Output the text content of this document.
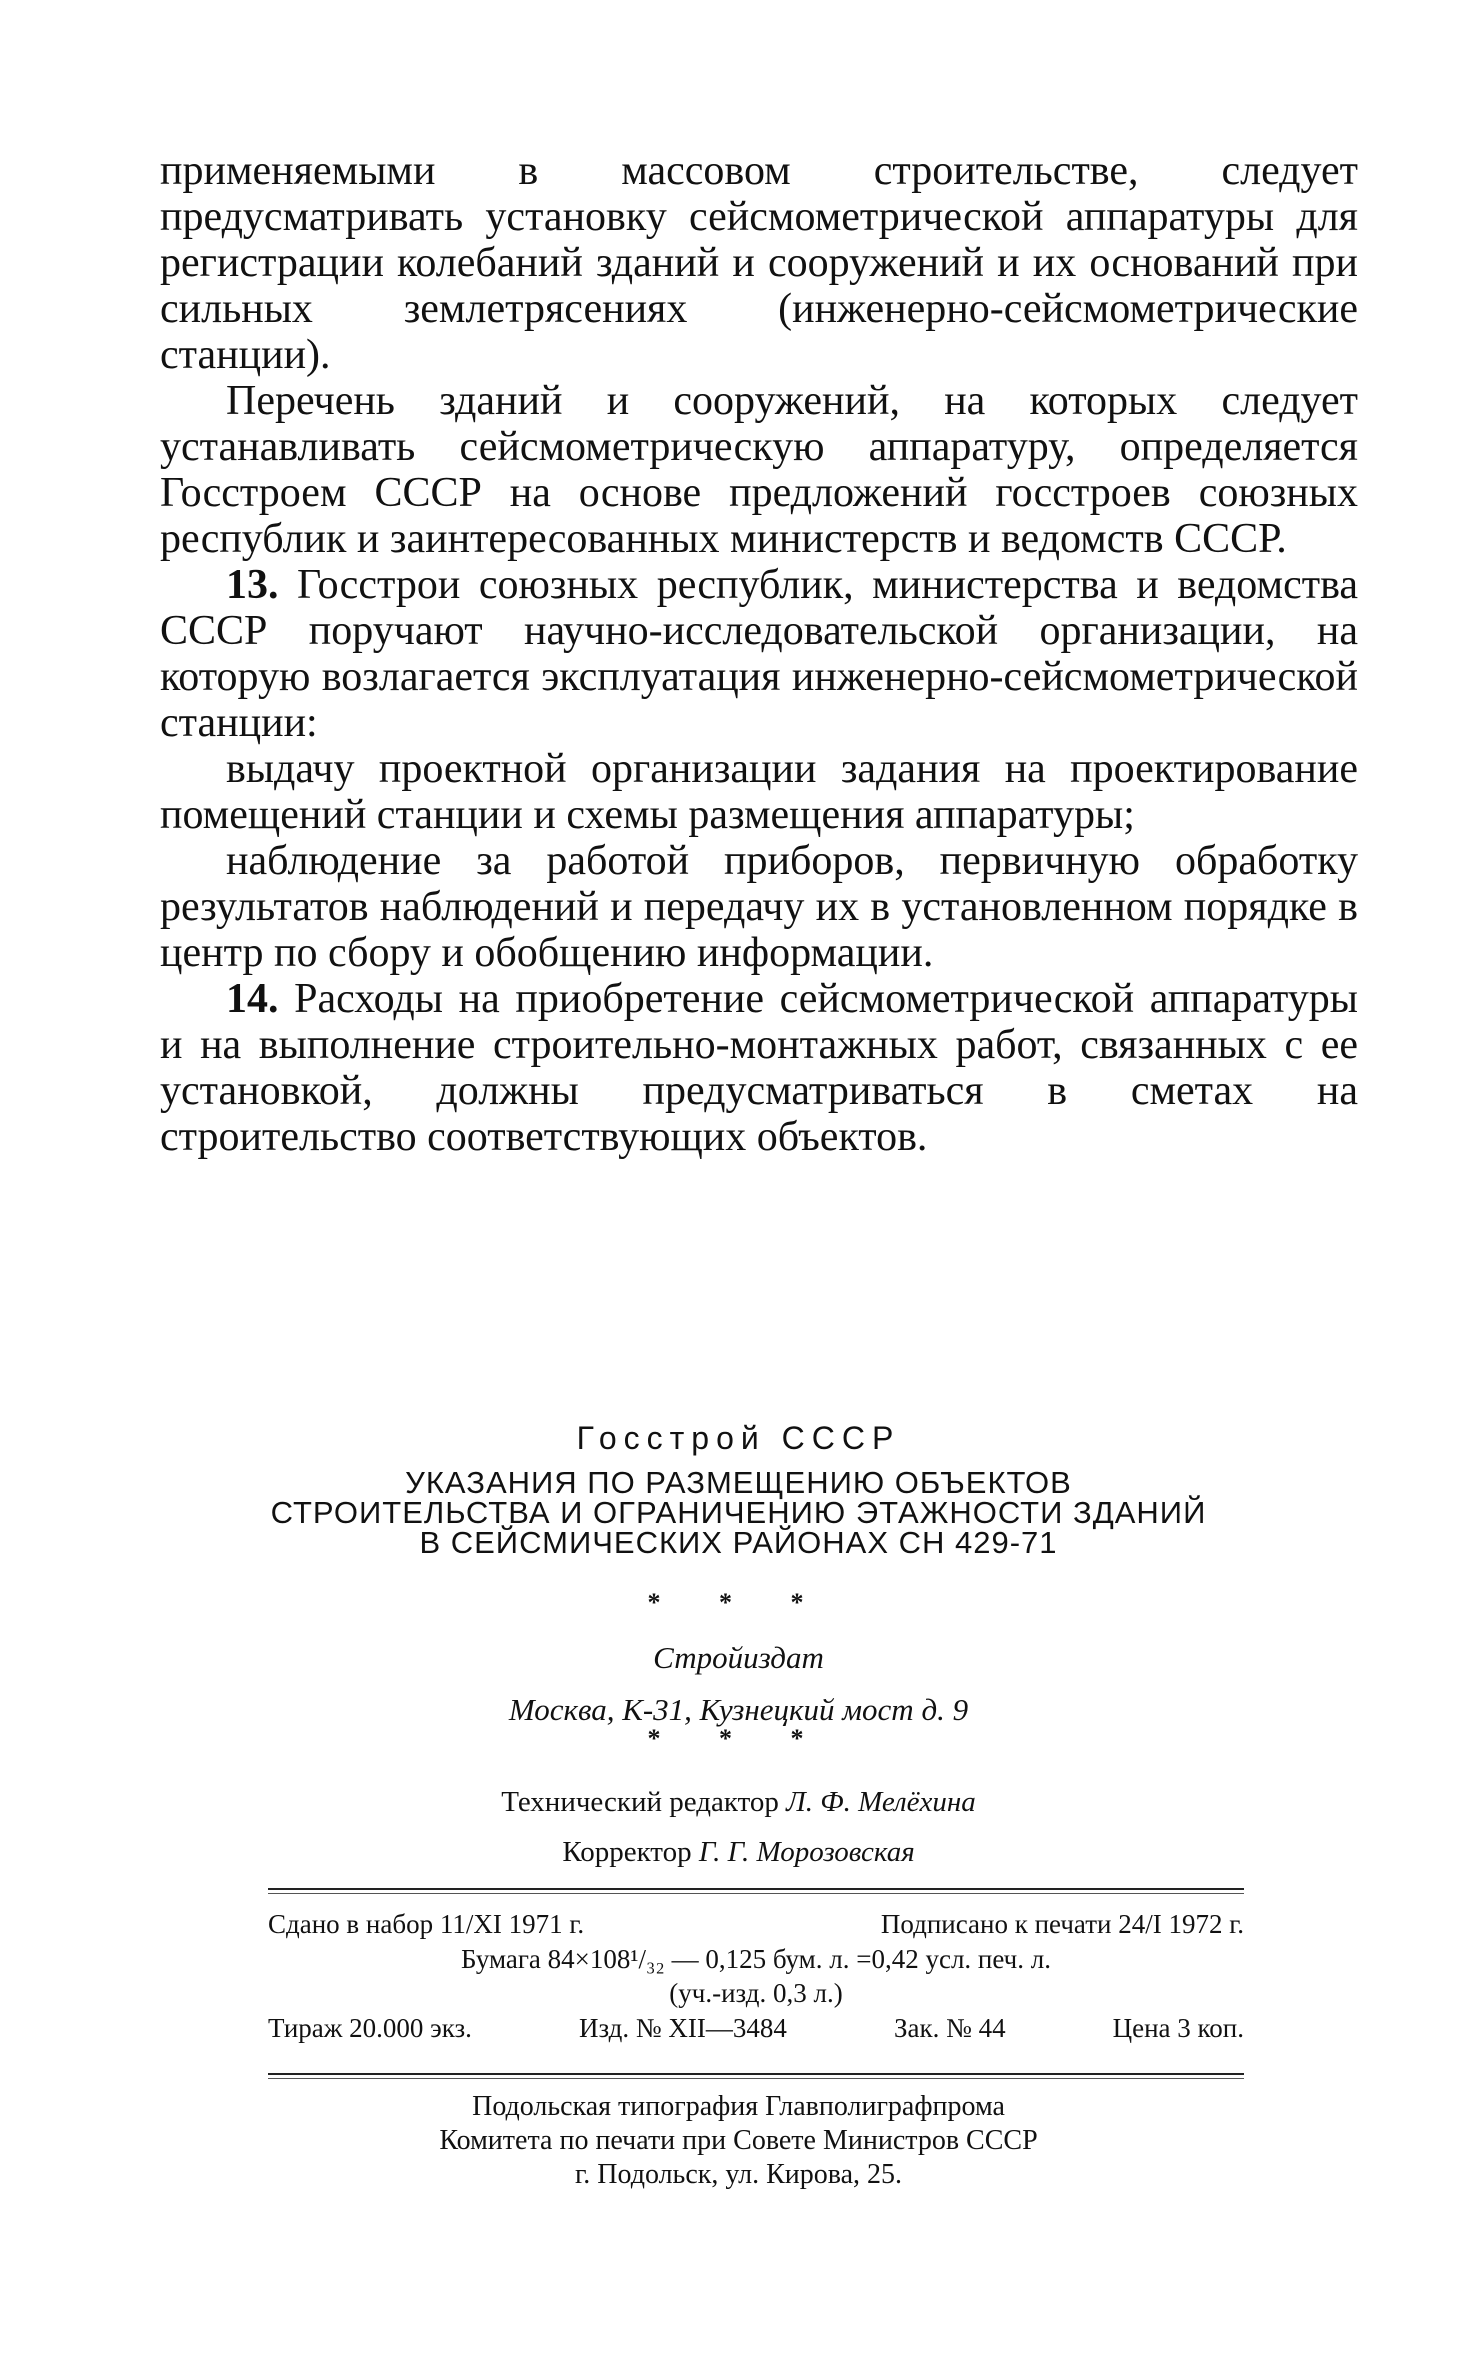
применяемыми в массовом строительстве, следует предусматривать установку сейсмометрической аппаратуры для регистрации колебаний зданий и сооружений и их оснований при сильных землетрясениях (инженерно-сейсмометрические станции).

Перечень зданий и сооружений, на которых следует устанавливать сейсмометрическую аппаратуру, определяется Госстроем СССР на основе предложений госстроев союзных республик и заинтересованных министерств и ведомств СССР.

13. Госстрои союзных республик, министерства и ведомства СССР поручают научно-исследовательской организации, на которую возлагается эксплуатация инженерно-сейсмометрической станции:

выдачу проектной организации задания на проектирование помещений станции и схемы размещения аппаратуры;

наблюдение за работой приборов, первичную обработку результатов наблюдений и передачу их в установленном порядке в центр по сбору и обобщению информации.

14. Расходы на приобретение сейсмометрической аппаратуры и на выполнение строительно-монтажных работ, связанных с ее установкой, должны предусматриваться в сметах на строительство соответствующих объектов.

Госстрой СССР
УКАЗАНИЯ ПО РАЗМЕЩЕНИЮ ОБЪЕКТОВ
СТРОИТЕЛЬСТВА И ОГРАНИЧЕНИЮ ЭТАЖНОСТИ ЗДАНИЙ
В СЕЙСМИЧЕСКИХ РАЙОНАХ СН 429-71
* * *
Стройиздат
Москва, К-31, Кузнецкий мост д. 9
* * *
Технический редактор Л. Ф. Мелёхина
Корректор Г. Г. Морозовская
Сдано в набор 11/XI 1971 г.	Подписано к печати 24/I 1972 г.
Бумага 84×108¹/₃₂ — 0,125 бум. л. =0,42 усл. печ. л.
(уч.-изд. 0,3 л.)
Тираж 20.000 экз.	Изд. № XII—3484	Зак. № 44	Цена 3 коп.
Подольская типография Главполиграфпрома
Комитета по печати при Совете Министров СССР
г. Подольск, ул. Кирова, 25.
